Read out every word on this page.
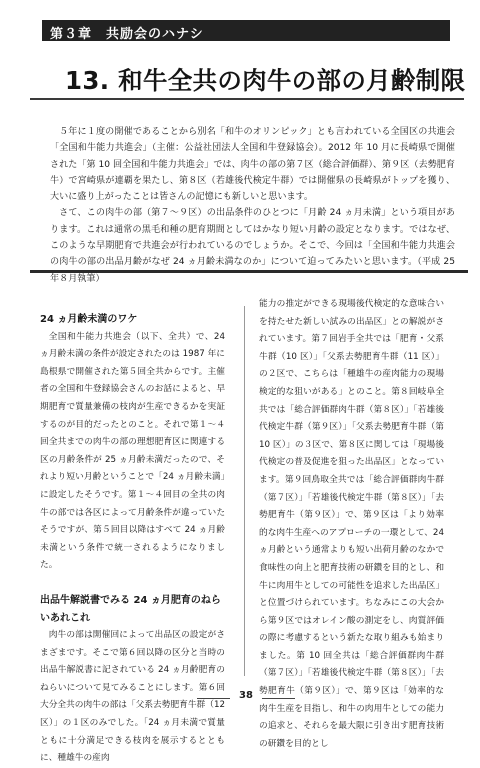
第３章　共励会のハナシ
13. 和牛全共の肉牛の部の月齢制限

５年に１度の開催であることから別名「和牛のオリンピック」とも言われている全国区の共進会「全国和牛能力共進会」（主催：公益社団法人全国和牛登録協会）。2012 年 10 月に長崎県で開催された「第 10 回全国和牛能力共進会」では、肉牛の部の第７区（総合評価群）、第９区（去勢肥育牛）で宮崎県が連覇を果たし、第８区（若雄後代検定牛群）では開催県の長崎県がトップを獲り、大いに盛り上がったことは皆さんの記憶にも新しいと思います。

さて、この肉牛の部（第７～９区）の出品条件のひとつに「月齢 24 ヵ月未満」という項目があります。これは通常の黒毛和種の肥育期間としてはかなり短い月齢の設定となります。ではなぜ、このような早期肥育で共進会が行われているのでしょうか。そこで、今回は「全国和牛能力共進会の肉牛の部の出品月齢がなぜ 24 ヵ月齢未満なのか」について迫ってみたいと思います。（平成 25 年８月執筆）

24 ヵ月齢未満のワケ

全国和牛能力共進会（以下、全共）で、24 ヵ月齢未満の条件が設定されたのは 1987 年に島根県で開催された第５回全共からです。主催者の全国和牛登録協会さんのお話によると、早期肥育で質量兼備の枝肉が生産できるかを実証するのが目的だったとのこと。それで第１～４回全共までの肉牛の部の理想肥育区に関連する区の月齢条件が 25 ヵ月齢未満だったので、それより短い月齢ということで「24 ヵ月齢未満」に設定したそうです。第１～４回目の全共の肉牛の部では各区によって月齢条件が違っていたそうですが、第５回目以降はすべて 24 ヵ月齢未満という条件で統一されるようになりました。

出品牛解説書でみる 24 ヵ月肥育のねらいあれこれ

肉牛の部は開催回によって出品区の設定がさまざまです。そこで第６回以降の区分と当時の出品牛解説書に記されている 24 ヵ月齢肥育のねらいについて見てみることにします。第６回大分全共の肉牛の部は「父系去勢肥育牛群（12 区）」の１区のみでした。「24 ヵ月未満で質量ともに十分満足できる枝肉を展示するとともに、種雄牛の産肉

能力の推定ができる現場後代検定的な意味合いを持たせた新しい試みの出品区」との解説がされています。第７回岩手全共では「肥育・父系牛群（10 区）」「父系去勢肥育牛群（11 区）」の２区で、こちらは「種雄牛の産肉能力の現場検定的な狙いがある」とのこと。第８回岐阜全共では「総合評価群肉牛群（第８区）」「若雄後代検定牛群（第９区）」「父系去勢肥育牛群（第 10 区）」の３区で、第８区に関しては「現場後代検定の普及促進を狙った出品区」となっています。第９回鳥取全共では「総合評価群肉牛群（第７区）」「若雄後代検定牛群（第８区）」「去勢肥育牛（第９区）」で、第９区は「より効率的な肉牛生産へのアプローチの一環として、24 ヵ月齢という通常よりも短い出荷月齢のなかで食味性の向上と肥育技術の研鑽を目的とし、和牛に肉用牛としての可能性を追求した出品区」と位置づけられています。ちなみにこの大会から第９区ではオレイン酸の測定をし、肉質評価の際に考慮するという新たな取り組みも始まりました。第 10 回全共は「総合評価群肉牛群（第７区）」「若雄後代検定牛群（第８区）」「去勢肥育牛（第９区）」で、第９区は「効率的な肉牛生産を目指し、和牛の肉用牛としての能力の追求と、それらを最大限に引き出す肥育技術の研鑽を目的とし

38
